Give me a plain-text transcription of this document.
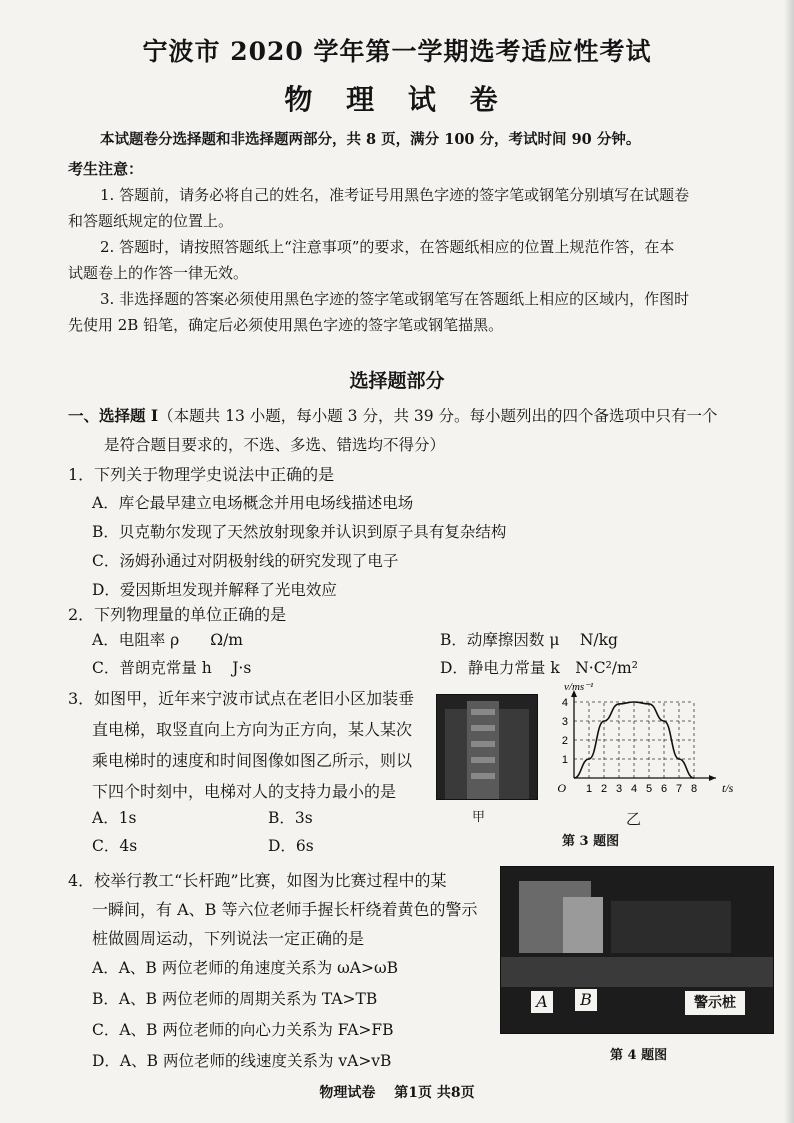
宁波市 2020 学年第一学期选考适应性考试
物 理 试 卷
本试题卷分选择题和非选择题两部分，共 8 页，满分 100 分，考试时间 90 分钟。
考生注意：
1. 答题前，请务必将自己的姓名，准考证号用黑色字迹的签字笔或钢笔分别填写在试题卷
和答题纸规定的位置上。
2. 答题时，请按照答题纸上“注意事项”的要求，在答题纸相应的位置上规范作答，在本
试题卷上的作答一律无效。
3. 非选择题的答案必须使用黑色字迹的签字笔或钢笔写在答题纸上相应的区域内，作图时
先使用 2B 铅笔，确定后必须使用黑色字迹的签字笔或钢笔描黑。
选择题部分
一、选择题 I（本题共 13 小题，每小题 3 分，共 39 分。每小题列出的四个备选项中只有一个
是符合题目要求的，不选、多选、错选均不得分）
1．下列关于物理学史说法中正确的是
A．库仑最早建立电场概念并用电场线描述电场
B．贝克勒尔发现了天然放射现象并认识到原子具有复杂结构
C．汤姆孙通过对阴极射线的研究发现了电子
D．爱因斯坦发现并解释了光电效应
2．下列物理量的单位正确的是
A．电阻率 ρ　　Ω/m	B．动摩擦因数 μ　 N/kg
C．普朗克常量 h　 J·s	D．静电力常量 k　N·C²/m²
3．如图甲，近年来宁波市试点在老旧小区加装垂
直电梯，取竖直向上方向为正方向，某人某次
乘电梯时的速度和时间图像如图乙所示，则以
下四个时刻中，电梯对人的支持力最小的是
A．1s	B．3s
C．4s	D．6s
甲
1 2 3 4 5 6 7 8
1
2
3
4
O	t/s
v/ms⁻¹
乙
第 3 题图
4．校举行教工“长杆跑”比赛，如图为比赛过程中的某
一瞬间，有 A、B 等六位老师手握长杆绕着黄色的警示
桩做圆周运动，下列说法一定正确的是
A．A、B 两位老师的角速度关系为 ωA>ωB
B．A、B 两位老师的周期关系为 TA>TB
C．A、B 两位老师的向心力关系为 FA>FB
D．A、B 两位老师的线速度关系为 vA>vB
A	B	警示桩
第 4 题图
物理试卷　 第1页 共8页
